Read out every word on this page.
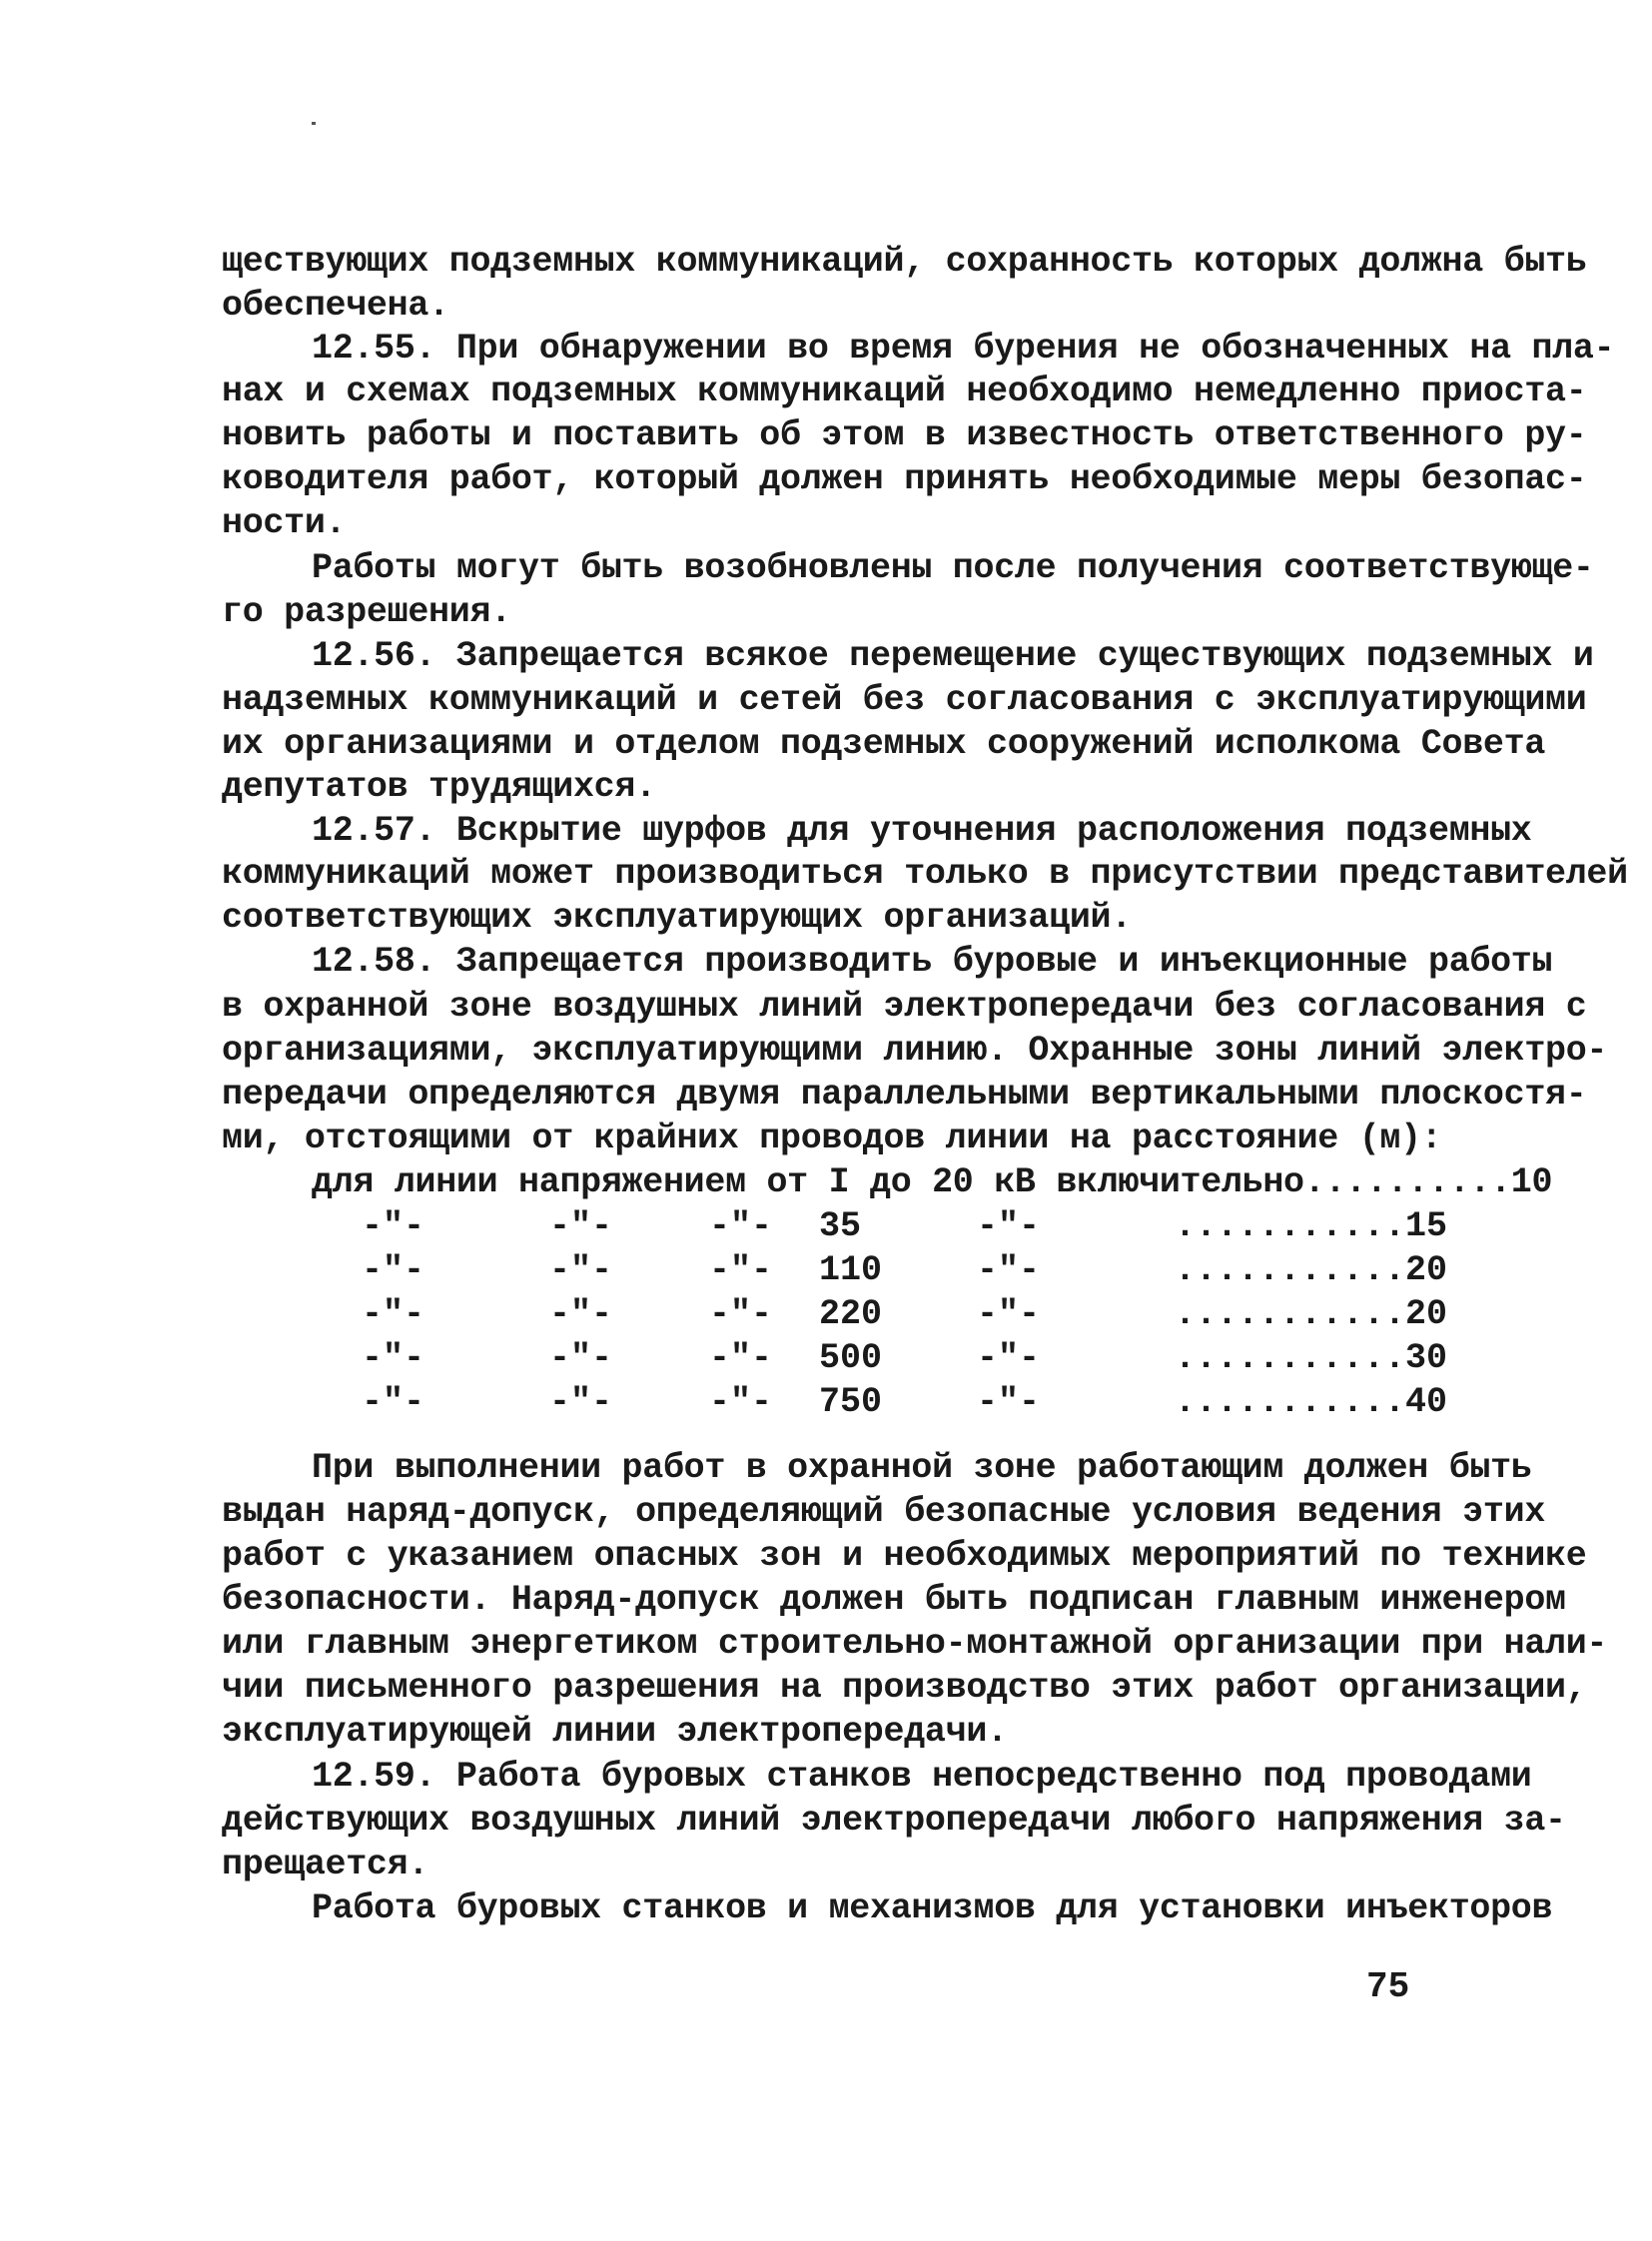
ществующих подземных коммуникаций, сохранность которых должна быть
обеспечена.
12.55. При обнаружении во время бурения не обозначенных на пла-
нах и схемах подземных коммуникаций необходимо немедленно приоста-
новить работы и поставить об этом в известность ответственного ру-
ководителя работ, который должен принять необходимые меры безопас-
ности.
Работы могут быть возобновлены после получения соответствующе-
го разрешения.
12.56. Запрещается всякое перемещение существующих подземных и
надземных коммуникаций и сетей без согласования с эксплуатирующими
их организациями и отделом подземных сооружений исполкома Совета
депутатов трудящихся.
12.57. Вскрытие шурфов для уточнения расположения подземных
коммуникаций может производиться только в присутствии представителей
соответствующих эксплуатирующих организаций.
12.58. Запрещается производить буровые и инъекционные работы
в охранной зоне воздушных линий электропередачи без согласования с
организациями, эксплуатирующими линию. Охранные зоны линий электро-
передачи определяются двумя параллельными вертикальными плоскостя-
ми, отстоящими от крайних проводов линии на расстояние (м):
для линии напряжением от I до 20 кВ включительно..........10
-"-	-"-	-"- 35	-"-	...........15
-"-	-"-	-"- 110	-"-	...........20
-"-	-"-	-"- 220	-"-	...........20
-"-	-"-	-"- 500	-"-	...........30
-"-	-"-	-"- 750	-"-	...........40
При выполнении работ в охранной зоне работающим должен быть
выдан наряд-допуск, определяющий безопасные условия ведения этих
работ с указанием опасных зон и необходимых мероприятий по технике
безопасности. Наряд-допуск должен быть подписан главным инженером
или главным энергетиком строительно-монтажной организации при нали-
чии письменного разрешения на производство этих работ организации,
эксплуатирующей линии электропередачи.
12.59. Работа буровых станков непосредственно под проводами
действующих воздушных линий электропередачи любого напряжения за-
прещается.
Работа буровых станков и механизмов для установки инъекторов
75
